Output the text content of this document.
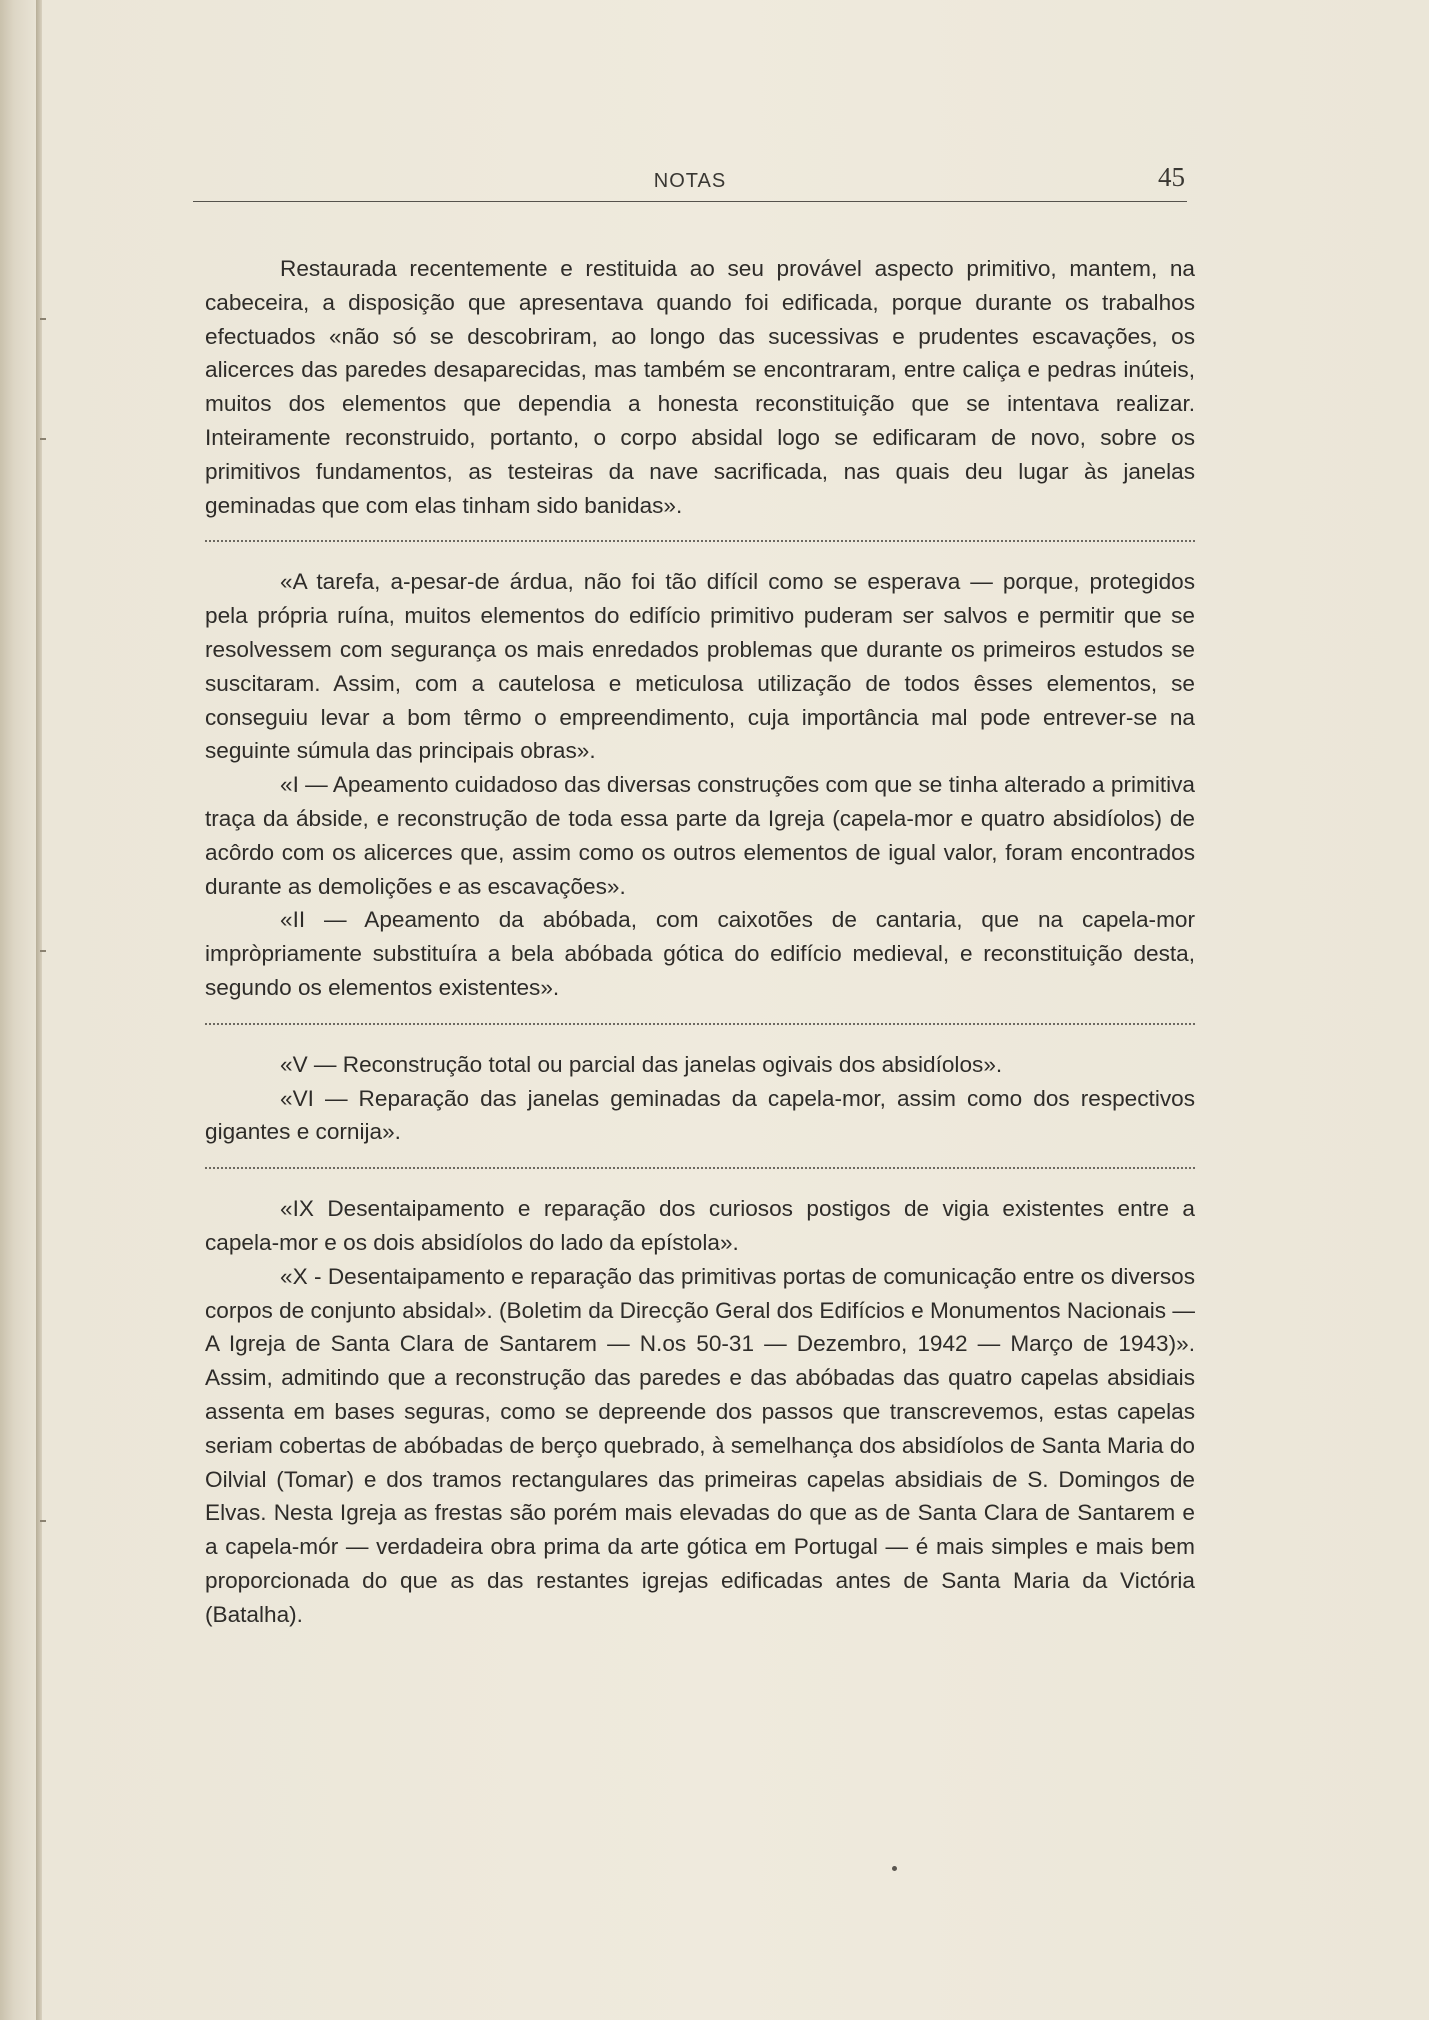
NOTAS	45

Restaurada recentemente e restituida ao seu provável aspecto primitivo, mantem, na cabeceira, a disposição que apresentava quando foi edificada, porque durante os trabalhos efectuados «não só se descobriram, ao longo das sucessivas e prudentes escavações, os alicerces das paredes desaparecidas, mas também se encontraram, entre caliça e pedras inúteis, muitos dos elementos que dependia a honesta reconstituição que se intentava realizar. Inteiramente reconstruido, portanto, o corpo absidal logo se edificaram de novo, sobre os primitivos fundamentos, as testeiras da nave sacrificada, nas quais deu lugar às janelas geminadas que com elas tinham sido banidas».

«A tarefa, a-pesar-de árdua, não foi tão difícil como se esperava — porque, protegidos pela própria ruína, muitos elementos do edifício primitivo puderam ser salvos e permitir que se resolvessem com segurança os mais enredados problemas que durante os primeiros estudos se suscitaram. Assim, com a cautelosa e meticulosa utilização de todos êsses elementos, se conseguiu levar a bom têrmo o empreendimento, cuja importância mal pode entrever-se na seguinte súmula das principais obras».

«I — Apeamento cuidadoso das diversas construções com que se tinha alterado a primitiva traça da ábside, e reconstrução de toda essa parte da Igreja (capela-mor e quatro absidíolos) de acôrdo com os alicerces que, assim como os outros elementos de igual valor, foram encontrados durante as demolições e as escavações».

«II — Apeamento da abóbada, com caixotões de cantaria, que na capela-mor impròpriamente substituíra a bela abóbada gótica do edifício medieval, e reconstituição desta, segundo os elementos existentes».

«V — Reconstrução total ou parcial das janelas ogivais dos absidíolos».

«VI — Reparação das janelas geminadas da capela-mor, assim como dos respectivos gigantes e cornija».

«IX Desentaipamento e reparação dos curiosos postigos de vigia existentes entre a capela-mor e os dois absidíolos do lado da epístola».

«X - Desentaipamento e reparação das primitivas portas de comunicação entre os diversos corpos de conjunto absidal». (Boletim da Direcção Geral dos Edifícios e Monumentos Nacionais — A Igreja de Santa Clara de Santarem — N.os 50-31 — Dezembro, 1942 — Março de 1943)». Assim, admitindo que a reconstrução das paredes e das abóbadas das quatro capelas absidiais assenta em bases seguras, como se depreende dos passos que transcrevemos, estas capelas seriam cobertas de abóbadas de berço quebrado, à semelhança dos absidíolos de Santa Maria do Oilvial (Tomar) e dos tramos rectangulares das primeiras capelas absidiais de S. Domingos de Elvas. Nesta Igreja as frestas são porém mais elevadas do que as de Santa Clara de Santarem e a capela-mór — verdadeira obra prima da arte gótica em Portugal — é mais simples e mais bem proporcionada do que as das restantes igrejas edificadas antes de Santa Maria da Victória (Batalha).
